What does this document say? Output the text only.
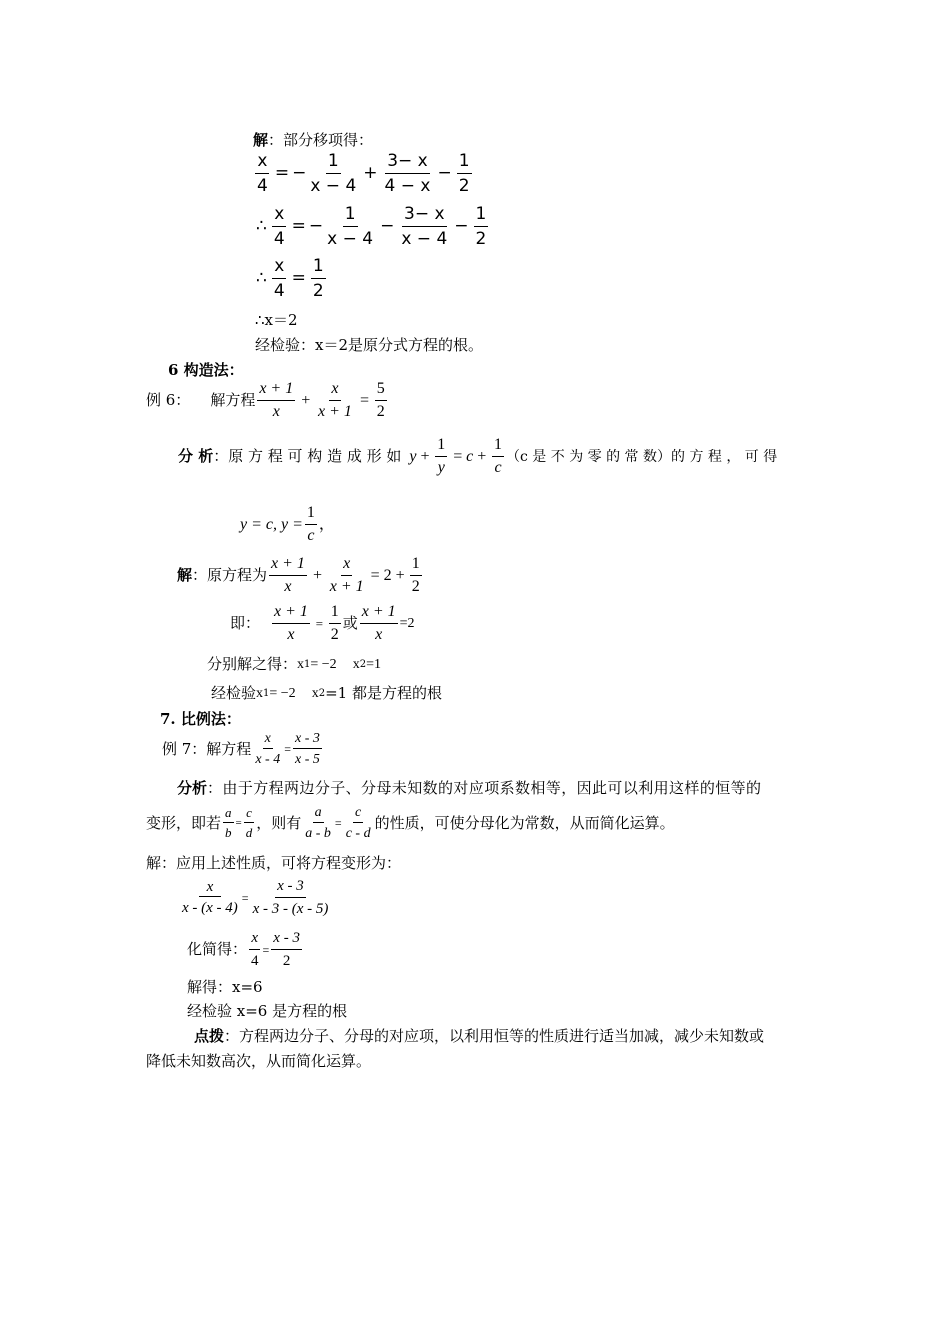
解 ：部分移项得：
$\frac{x}{4}$ = − $\frac{1}{x - 4} + \frac{3- x}{4 - x} - \frac{1}{2}$
∴ $\frac{x}{4}$ = − $\frac{1}{x - 4} - \frac{3- x}{x - 4} - \frac{1}{2}$
∴ $\frac{x}{4} = \frac{1}{2}$
∴x＝2
经检验：x＝2是原分式方程的根。
6 构造法：
例 6： 解方程 $\frac{x + 1}{x} + \frac{x}{x + 1} = \frac{5}{2}$
分 析 ：原 方 程 可 构 造 成 形 如 $y + \frac{1}{y} = c + \frac{1}{c} (c$ 是 不 为 零 的 常 数）的 方 程 ， 可 得
y = c, $y = \frac{1}{c}$ ，
解 ：原方程为 $\frac{x + 1}{x} + \frac{x}{x + 1} = 2 + \frac{1}{2}$
即： $\frac{x + 1}{x} = \frac{1}{2}$ 或 $\frac{x + 1}{x} =2$
分别解之得： x 1 = −2 x 2 =1
经检验 x 1 = −2 x 2 =1 都是方程的根
7. 比例法：
例 7：解方程 $\frac{x}{x - 4} = \frac{x - 3}{x - 5}$
分析 ：由于方程两边分子、分母未知数的对应项系数相等，因此可以利用这样的恒等的
变形，即若 $\frac{a}{b} = \frac{c}{d}$ ，则有 $\frac{a}{a - b} = \frac{c}{c - d}$ 的性质，可使分母化为常数，从而简化运算。
解：应用上述性质，可将方程变形为：
$\frac{x}{x - (x - 4)} = \frac{x - 3}{x - 3 - (x - 5)}$
化简得： $\frac{x}{4} = \frac{x - 3}{2}$
解得：x=6
经检验 x=6 是方程的根
点拨 ：方程两边分子、分母的对应项，以利用恒等的性质进行适当加减，减少未知数或
降低未知数高次，从而简化运算。
